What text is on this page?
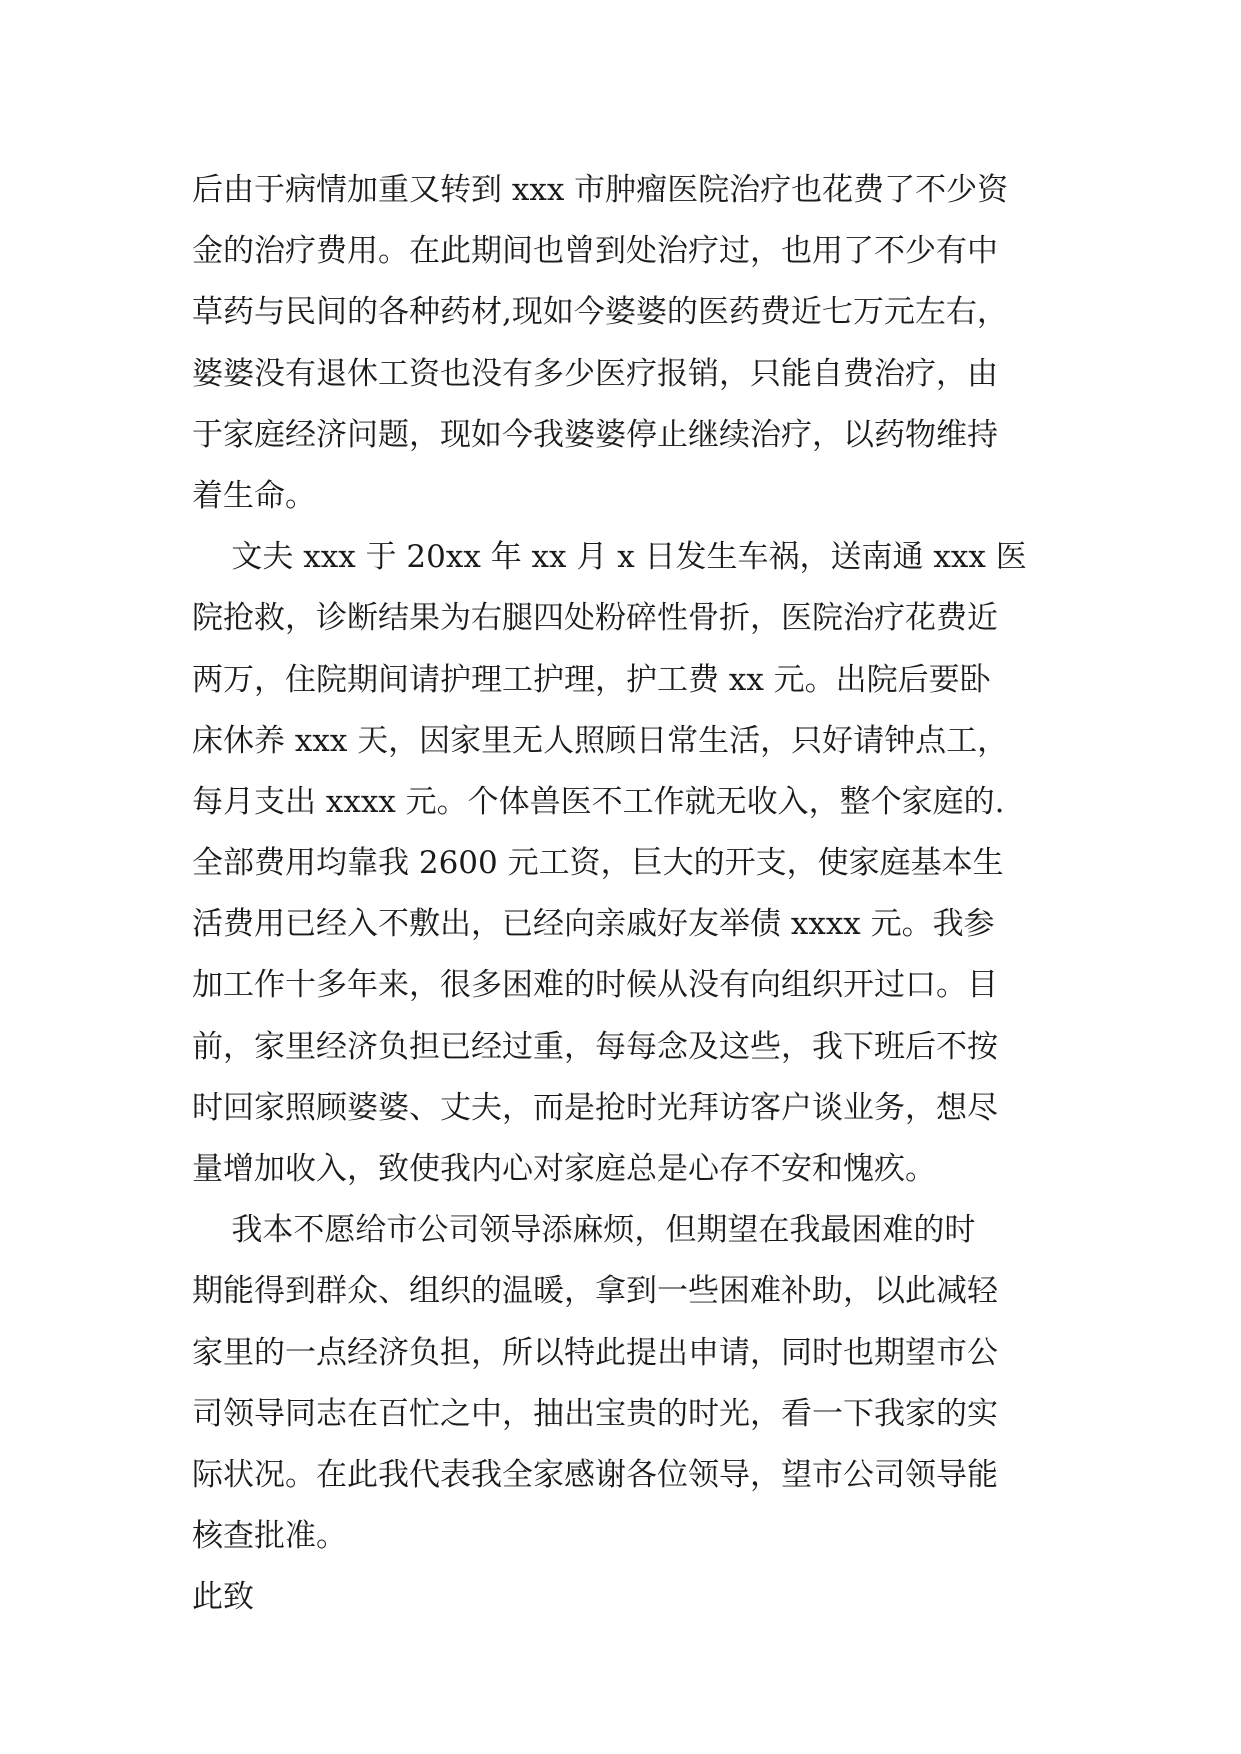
后由于病情加重又转到 xxx 市肿瘤医院治疗也花费了不少资
金的治疗费用。在此期间也曾到处治疗过，也用了不少有中
草药与民间的各种药材,现如今婆婆的医药费近七万元左右，
婆婆没有退休工资也没有多少医疗报销，只能自费治疗，由
于家庭经济问题，现如今我婆婆停止继续治疗，以药物维持
着生命。
文夫 xxx 于 20xx 年 xx 月 x 日发生车祸，送南通 xxx 医
院抢救，诊断结果为右腿四处粉碎性骨折，医院治疗花费近
两万，住院期间请护理工护理，护工费 xx 元。出院后要卧
床休养 xxx 天，因家里无人照顾日常生活，只好请钟点工，
每月支出 xxxx 元。个体兽医不工作就无收入，整个家庭的.
全部费用均靠我 2600 元工资，巨大的开支，使家庭基本生
活费用已经入不敷出，已经向亲戚好友举债 xxxx 元。我参
加工作十多年来，很多困难的时候从没有向组织开过口。目
前，家里经济负担已经过重，每每念及这些，我下班后不按
时回家照顾婆婆、丈夫，而是抢时光拜访客户谈业务，想尽
量增加收入，致使我内心对家庭总是心存不安和愧疚。
我本不愿给市公司领导添麻烦，但期望在我最困难的时
期能得到群众、组织的温暖，拿到一些困难补助，以此减轻
家里的一点经济负担，所以特此提出申请，同时也期望市公
司领导同志在百忙之中，抽出宝贵的时光，看一下我家的实
际状况。在此我代表我全家感谢各位领导，望市公司领导能
核查批准。
此致
